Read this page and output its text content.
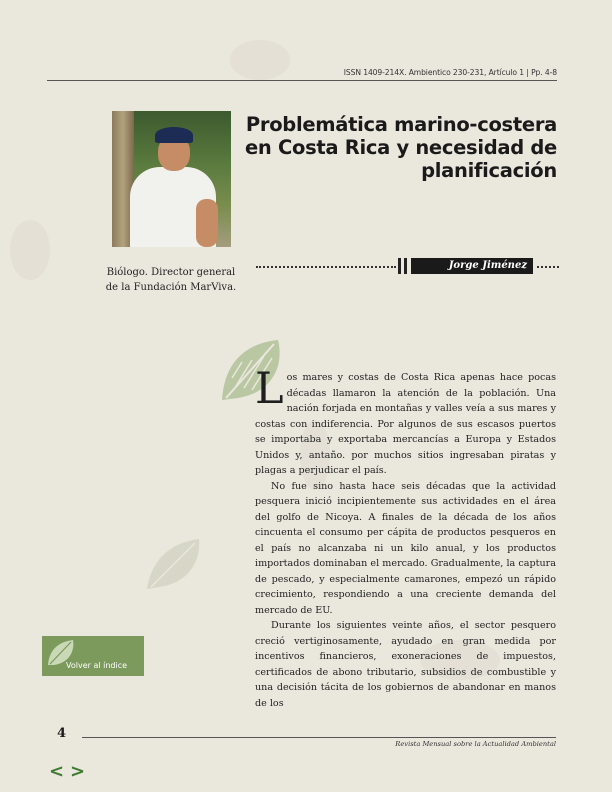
ISSN 1409-214X. Ambientico 230-231, Artículo 1 | Pp. 4-8
Biólogo. Director general de la Fundación MarViva.
Problemática marino-costera en Costa Rica y necesidad de planificación
Jorge Jiménez

Los mares y costas de Costa Rica apenas hace pocas décadas llamaron la atención de la población. Una nación forjada en montañas y valles veía a sus mares y costas con indiferencia. Por algunos de sus escasos puertos se importaba y exportaba mercancías a Europa y Estados Unidos y, antaño. por muchos sitios ingresaban piratas y plagas a perjudicar el país.

No fue sino hasta hace seis décadas que la actividad pesquera inició incipientemente sus actividades en el área del golfo de Nicoya. A finales de la década de los años cincuenta el consumo per cápita de productos pesqueros en el país no alcanzaba ni un kilo anual, y los productos importados dominaban el mercado. Gradualmente, la captura de pescado, y especialmente camarones, empezó un rápido crecimiento, respondiendo a una creciente demanda del mercado de EU.

Durante los siguientes veinte años, el sector pesquero creció vertiginosamente, ayudado en gran medida por incentivos financieros, exoneraciones de impuestos, certificados de abono tributario, subsidios de combustible y una decisión tácita de los gobiernos de abandonar en manos de los

Volver al índice
4
Revista Mensual sobre la Actualidad Ambiental
< >
